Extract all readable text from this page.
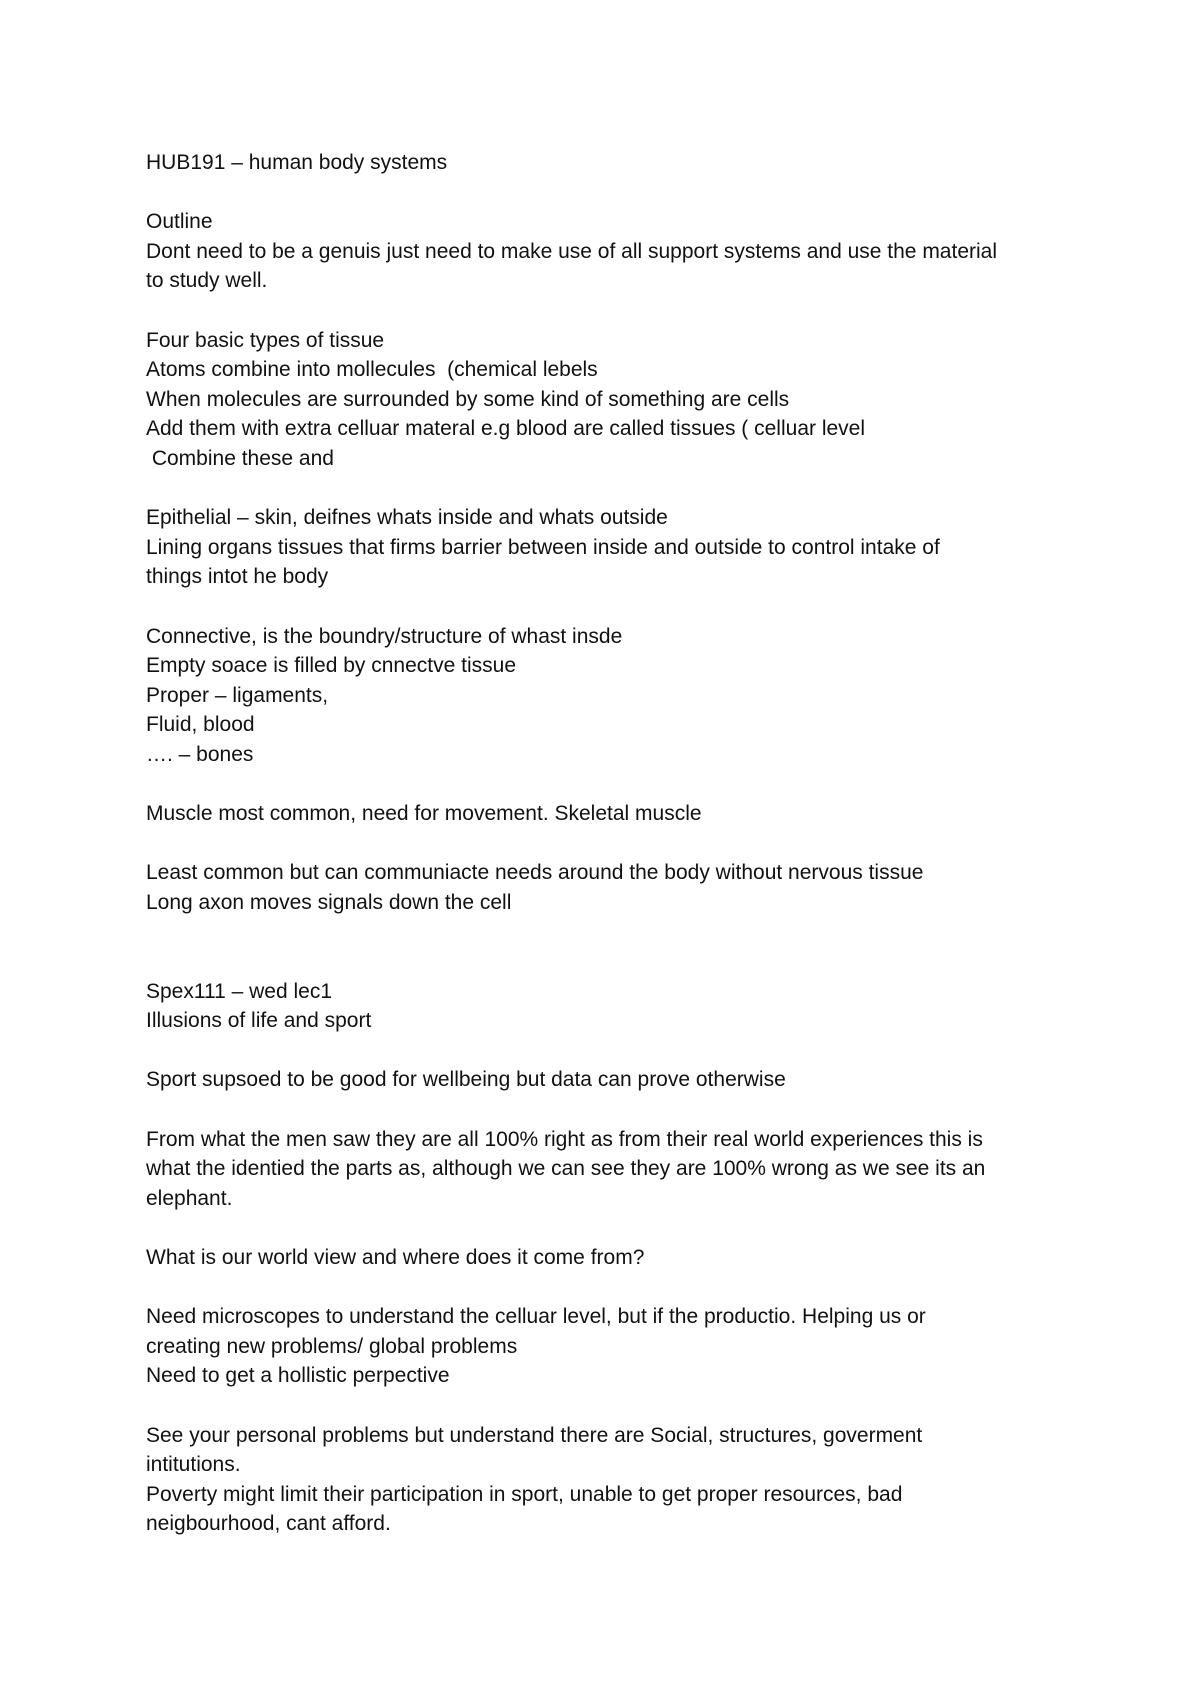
HUB191 – human body systems
Outline
Dont need to be a genuis just need to make use of all support systems and use the material
to study well.
Four basic types of tissue
Atoms combine into mollecules  (chemical lebels
When molecules are surrounded by some kind of something are cells
Add them with extra celluar materal e.g blood are called tissues ( celluar level
Combine these and
Epithelial – skin, deifnes whats inside and whats outside
Lining organs tissues that firms barrier between inside and outside to control intake of
things intot he body
Connective, is the boundry/structure of whast insde
Empty soace is filled by cnnectve tissue
Proper – ligaments,
Fluid, blood
…. – bones
Muscle most common, need for movement. Skeletal muscle
Least common but can communiacte needs around the body without nervous tissue
Long axon moves signals down the cell
Spex111 – wed lec1
Illusions of life and sport
Sport supsoed to be good for wellbeing but data can prove otherwise
From what the men saw they are all 100% right as from their real world experiences this is
what the identied the parts as, although we can see they are 100% wrong as we see its an
elephant.
What is our world view and where does it come from?
Need microscopes to understand the celluar level, but if the productio. Helping us or
creating new problems/ global problems
Need to get a hollistic perpective
See your personal problems but understand there are Social, structures, goverment
intitutions.
Poverty might limit their participation in sport, unable to get proper resources, bad
neigbourhood, cant afford.
